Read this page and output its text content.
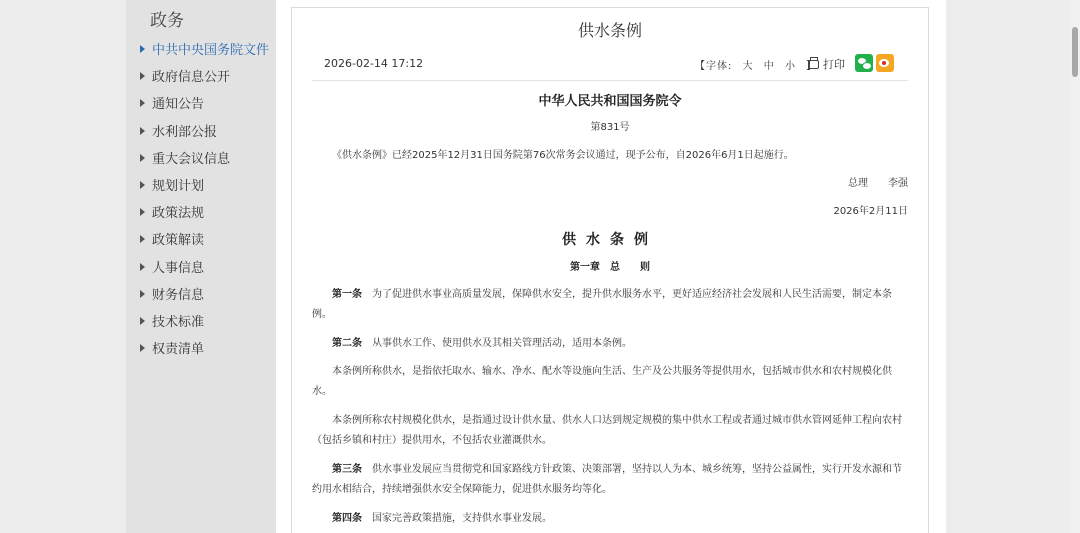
政务
中共中央国务院文件
政府信息公开
通知公告
水利部公报
重大会议信息
规划计划
政策法规
政策解读
人事信息
财务信息
技术标准
权责清单
供水条例
2026-02-14 17:12	【字体: 大 中 小 】 打印
中华人民共和国国务院令
第831号
《供水条例》已经2025年12月31日国务院第76次常务会议通过，现予公布，自2026年6月1日起施行。
总理　　李强
2026年2月11日
供水条例
第一章　总　　则
第一条　 为了促进供水事业高质量发展，保障供水安全，提升供水服务水平，更好适应经济社会发展和人民生活需要，制定本条例。
第二条　 从事供水工作、使用供水及其相关管理活动，适用本条例。
本条例所称供水，是指依托取水、输水、净水、配水等设施向生活、生产及公共服务等提供用水，包括城市供水和农村规模化供水。
本条例所称农村规模化供水，是指通过设计供水量、供水人口达到规定规模的集中供水工程或者通过城市供水管网延伸工程向农村（包括乡镇和村庄）提供用水，不包括农业灌溉供水。
第三条　 供水事业发展应当贯彻党和国家路线方针政策、决策部署，坚持以人为本、城乡统筹，坚持公益属性，实行开发水源和节约用水相结合，持续增强供水安全保障能力，促进供水服务均等化。
第四条　 国家完善政策措施，支持供水事业发展。
